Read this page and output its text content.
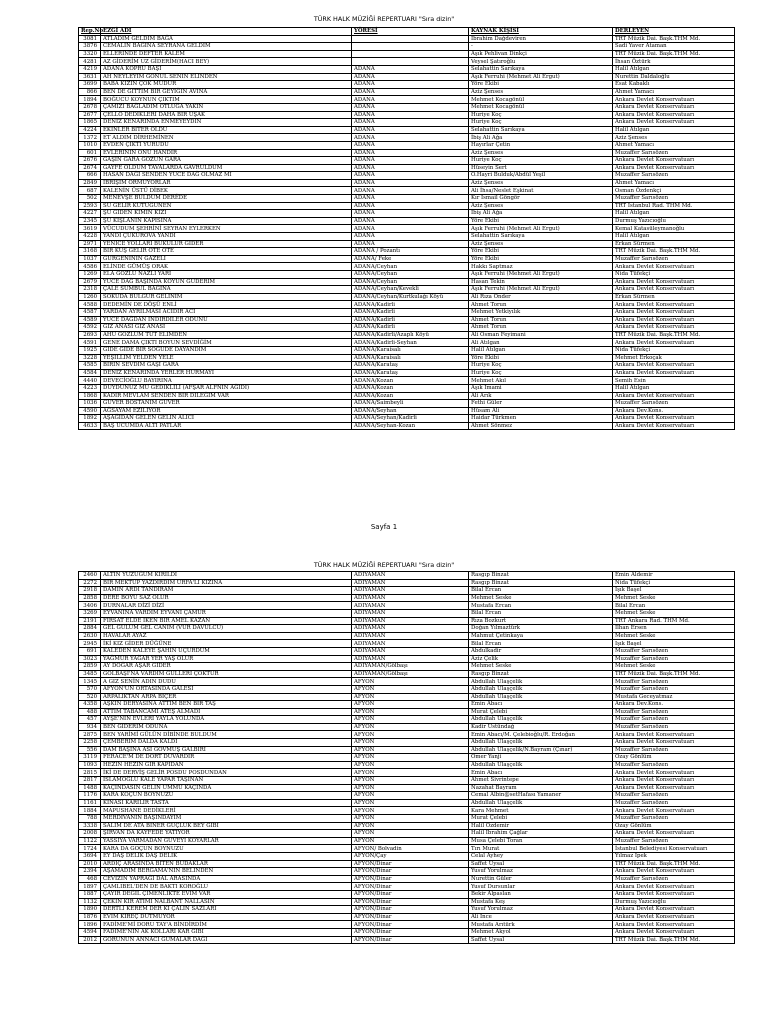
TÜRK HALK MÜZİĞİ REPERTUARI "Sıra dizin"
Rep.No	EZGİ ADI	YÖRESİ	KAYNAK KİŞİSİ	DERLEYEN
3081	ATLADIM GELDİM BAĞA		İbrahim Dağdeviren	TRT Müzik Dai. Başk.THM Md.
3876	CEMALİN BAĞINA SEYRANA GELDİM		-	Sadi Yaver Ataman
3320	ELLERİNDE DEFTER KALEM		Aşık Pehlivan Dinkçi	TRT Müzik Dai. Başk.THM Md.
4281	AZ GİDERİM UZ GİDERİM(HACI BEY)		Veysel Şatıroğlu	İhsan Öztürk
4219	ADANA KÖPRÜ BAŞI	ADANA	Selahattin Sarıkaya	Halil Atılgan
3631	AH NEYLEYİM GÖNÜL SENİN ELİNDEN	ADANA	Aşık Ferruhi (Mehmet Ali Ergut)	Nurettin Daldaloğlu
3699	BABA KIZIN ÇOK MUDUR	ADANA	Yöre Ekibi	Esat Kabaklı
866	BEN DE GİTTİM BİR GEYİĞİN AVINA	ADANA	Aziz Şenses	Ahmet Yamacı
1894	BOĞUCU KOYNUN ÇIKTIM	ADANA	Mehmet Kocagönül	Ankara Devlet Konservatuarı
2678	ÇAMIZI BAĞLADIM OTLUĞA YAKIN	ADANA	Mehmet Kocagönül	Ankara Devlet Konservatuarı
2677	ÇELLO DEDİKLERİ DAHA BİR UŞAK	ADANA	Huriye Koç	Ankara Devlet Konservatuarı
1865	DENİZ KENARINDA ENMEYEYDİN	ADANA	Huriye Koç	Ankara Devlet Konservatuarı
4224	EKİNLER BİTER OLDU	ADANA	Selahattin Sarıkaya	Halil Atılgan
1372	ET ALDIM DİRHEMİNEN	ADANA	İbiş Ali Ağa	Aziz Şenses
1010	EVDEN ÇIKTI YÜRÜDÜ	ADANA	Hayırlar Çetin	Ahmet Yamacı
601	EVLERİNİN ÖNÜ HANDIR	ADANA	Aziz Şenses	Muzaffer Sarısözen
2676	GAŞIN GARA GÖZÜN GARA	ADANA	Huriye Koç	Ankara Devlet Konservatuarı
2674	GAYFE OLDUM TAVALARDA GAVRULDUM	ADANA	Hüseyin Sert	Ankara Devlet Konservatuarı
666	HASAN DAĞI SENDEN YÜCE DAĞ OLMAZ Mİ	ADANA	O.Hayri Bulduk/Abdül Yeşil	Muzaffer Sarısözen
2849	İBRİŞİM ORMUYORLAR	ADANA	Aziz Şenses	Ahmet Yamacı
687	KALENİN ÜSTÜ DİBEK	ADANA	Ali İhsa/Neslet Eşkinat	Osman Özdenkçi
502	MENEVŞE BULDUM DERÊDE	ADANA	Kır İsmail Göngör	Muzaffer Sarısözen
2593	SU GELİR KÜTÜĞÜNEN	ADANA	Aziz Şenses	TRT İstanbul Rad. THM Md.
4227	ŞU GİDEN KİMİN KIZI	ADANA	İbiş Ali Ağa	Halil Atılgan
2345	ŞU KIŞLANIN KAPISINA	ADANA	Yöre Ekibi	Durmuş Yazıcıoğlu
3619	VÜCUDUM ŞEHRİNİ SEYRAN EYLERKEN	ADANA	Aşık Ferruhi (Mehmet Ali Ergut)	Kemal Katasüleymanoğlu
4228	YANDI ÇUKUROVA YANDI	ADANA	Selahattin Sarıkaya	Halil Atılgan
2971	YENİCE YOLLARI BUKULUR GİDER	ADANA	Aziz Şenses	Erkan Sürmen
3168	BİR KUŞ GELİR ÖTE ÖTE	ADANA / Pozantı	Yöre Ekibi	TRT Müzik Dai. Başk.THM Md.
1037	GÜRGENİNİN GAZELİ	ADANA/ Feke	Yöre Ekibi	Muzaffer Sarısözen
4586	ELİNDE GÜMÜŞ ORAK	ADANA/Ceyhan	Hakkı Saptmaz	Ankara Devlet Konservatuarı
1269	ELA GÖZLÜ NAZLI YÂRİ	ADANA/Ceyhan	Aşık Ferruhi (Mehmet Ali Ergut)	Nida Tüfekçi
2679	YÜCE DAĞ BAŞINDA KOYUN GÜDERİM	ADANA/Ceyhan	Hasan Tekin	Ankara Devlet Konservatuarı
2318	ÇALE SÜMBÜL BAĞINA	ADANA/Ceyhan/Kevekli	Aşık Ferruhi (Mehmet Ali Ergut)	Ankara Devlet Konservatuarı
1260	SOKUDA BULGUR GELİNİM	ADANA/Ceyhan/Kurtkulağı Köyü	Ali Rıza Önder	Erkan Sürmen
4588	DEDEMİN DE DÖŞÜ ENLİ	ADANA/Kadirli	Ahmet Torun	Ankara Devlet Konservatuarı
4587	YARDAN AYRILMASI ACIDIR ACI	ADANA/Kadirli	Mehmet Yetkiyılık	Ankara Devlet Konservatuarı
4589	YÜCE DAĞDAN İNDİRDİLER ODUNU	ADANA/Kadirli	Ahmet Torun	Ankara Devlet Konservatuarı
4592	GIZ ANASI GIZ ANASI	ADANA/Kadirli	Ahmet Torun	Ankara Devlet Konservatuarı
2693	AHU GÖZLÜM TUT ELİMDEN	ADANA/Kadirli/Azaplı Köyü	Ali Osman Feyimani	TRT Müzik Dai. Başk.THM Md.
4591	GENE DAMA ÇIKTI BOYUN SEVDİĞİM	ADANA/Kadirli-Seyhan	Ali Atılgan	Ankara Devlet Konservatuarı
1925	GİDE GİDE BİR SOĞUDE DAYANDIM	ADANA/Karaisalı	Halil Atılgan	Nida Tüfekçi
3228	YEŞİLLİM YELDEN YELE	ADANA/Karaisalı	Yöre Ekibi	Mehmet Erkoçak
4585	BİRİN SEVDİM GAŞI GARA	ADANA/Karataş	Huriye Koç	Ankara Devlet Konservatuarı
4584	DENİZ KENARINDA YERLER HURMAYI	ADANA/Karataş	Huriye Koç	Ankara Devlet Konservatuarı
4440	DEVECİOĞLU BAYIRINA	ADANA/Kozan	Mehmet Akıl	Semih Esin
4223	DÜYDÜNÜZ MÜ GEDİKLİLİ (AFŞAR ALFNIN AĞIDI)	ADANA/Kozan	Aşık İmami	Halil Atılgan
1868	KADİR MEVLAM SENDEN BİR DİLEĞİM VAR	ADANA/Kozan	Ali Arık	Ankara Devlet Konservatuarı
1036	GÜVER BOSTANIM GÜVER	ADANA/Saimbeyli	Fethi Güler	Muzaffer Sarısözen
4590	AĞSAYAM EZİLİYOR	ADANA/Seyhan	Hüsam Ali	Ankara Dev.Kons.
1892	AŞAĞIDAN GELEN GELİN ALICI	ADANA/Seyhan/Kadirli	Haidar Türkmen	Ankara Devlet Konservatuarı
4633	BAŞ UCUMDA ALTI PATLAR	ADANA/Seyhan-Kozan	Ahmet Sönmez	Ankara Devlet Konservatuarı
Sayfa 1
TÜRK HALK MÜZİĞİ REPERTUARI "Sıra dizin"
2460	ALTIN YÜZÜĞÜM KIRILDI	ADIYAMAN	Rasgıp Binzat	Emin Aldemir
2272	BİR MEKTUP YAZDIRDIM URFA'LI KIZINA	ADIYAMAN	Rasgıp Binzat	Nida Tüfekçi
2918	DAMIN ARDI TANDIRAM	ADIYAMAN	Bilal Ercan	Işık Başel
2858	DERE BOYU SAZ OLUR	ADIYAMAN	Mehmet Seske	Mehmet Seske
3406	DURNALAR DİZİ DİZİ	ADIYAMAN	Mustafa Ercan	Bilal Ercan
3269	EYVANINA VARDIM EYVANI ÇAMUR	ADIYAMAN	Bilal Ercan	Mehmet Seske
2191	FIRSAT ELDE İKEN BİR AMEL KAZAN	ADIYAMAN	Rıza Bozkurt	TRT Ankara Rad. THM Md.
2884	GEL GÜLÜM GEL CANIM (VUR DAVULCU)	ADIYAMAN	Doğan Yılmaztürk	İlhan Ersen
2630	HAVALAR AYAZ	ADIYAMAN	Mahmut Çetinkaya	Mehmet Seske
2945	İKİ KIZ GİDER DÜĞÜNE	ADIYAMAN	Bilal Ercan	Işık Başel
691	KALEDEN KALEYE ŞAHİN UÇURDUM	ADIYAMAN	Abdulkadir	Muzaffer Sarısözen
3023	YAĞMUR YAĞAR YER YAŞ OLUR	ADIYAMAN	Aziz Çelik	Muzaffer Sarısözen
2859	AY DOĞAR AŞAR GİDER	ADIYAMAN/Gölbaşı	Mehmet Seske	Mehmet Seske
3485	GÖLBAŞI'NA VARDIM GÜLLERİ ÇOKTUR	ADIYAMAN/Gölbaşı	Rasgıp Binzat	TRT Müzik Dai. Başk.THM Md.
1345	A GIZ SENİN ADIN DUDU	AFYON	Abdullah Ulaşçelik	Muzaffer Sarısözen
570	AFYON'UN ORTASINDA GALESİ	AFYON	Abdullah Ulaşçelik	Muzaffer Sarısözen
520	ARPALIKTAN ARPA BİÇER	AFYON	Abdullah Ulaşçelik	Mustafa Geceyatmaz
4358	AŞKIN DERYASINA ATTIM BEN BİR TAŞ	AFYON	Emin Abacı	Ankara Dev.Kons.
488	ATTIM TABANCAMI ATEŞ ALMADI	AFYON	Murat Çelebi	Muzaffer Sarısözen
457	AYŞE'NİN EVLERİ YAYLA YOLUNDA	AFYON	Abdullah Ulaşçelik	Muzaffer Sarısözen
934	BEN GİDERİM ODUNA	AFYON	Kadir Üstündağ	Muzaffer Sarısözen
2875	BEN YARİMİ GÜLÜN DİBİNDE BULDUM	AFYON	Emin Abacı/M. Çelebioğlu/R. Erdoğan	Ankara Devlet Konservatuarı
2258	ÇEMBERİM DALDA KALDI	AFYON	Abdullah Ulaşçelik	Ankara Devlet Konservatuarı
556	DAM BAŞINA ASI GÖVMÜŞ GALBİRİ	AFYON	Abdullah Ulaşçelik/N.Bayram (Çınar)	Muzaffer Sarısözen
3119	FERACE'M DE DÖRT DUVARDIR	AFYON	Ömer Yanji	Özay Gönlüm
1093	HEZİN HEZİN GİR KAPIDAN	AFYON	Abdullah Ulaşçelik	Muzaffer Sarısözen
2815	İKİ DE DERVİŞ GELİR POSDU POSDUNDAN	AFYON	Emin Abacı	Ankara Devlet Konservatuarı
2817	İSLAMOĞLU KALE YAPAR TAŞINAN	AFYON	Ahmet Sivrintepe	Ankara Devlet Konservatuarı
1488	KAÇINDASIN GELİN ÜMMÜ KAÇINDA	AFYON	Nazahat Bayram	Ankara Devlet Konservatuarı
1176	KARA KOÇUN BOYNUZU	AFYON	Cemal Albin@setHafası Yamaner	Muzaffer Sarısözen
1161	KINASI KARILIR TASTA	AFYON	Abdullah Ulaşçelik	Muzaffer Sarısözen
1884	MAPUSHANE DEDİKLERİ	AFYON	Kara Mehmet	Ankara Devlet Konservatuarı
788	MERDİVANIN BAŞINDAYIM	AFYON	Murat Çelebi	Muzaffer Sarısözen
3338	SALIM DE ATA BİNER GÜÇLÜK BEY GİBİ	AFYON	Halil Özdemir	Özay Gönlüm
2008	ŞİRVAN DA KAYFEDE YATIYOR	AFYON	Halil İbrahim Çağlar	Ankara Devlet Konservatuarı
1122	YASSIYA VARMADAN GÜVEYİ KOYARLAR	AFYON	Musa Çelebi Toran	Muzaffer Sarısözen
1724	KARA DA GOÇUN BOYNUZU	AFYON/ Bolvadin	Tırı Murat	İstanbul Belediyesi Konservatuarı
3694	EY DAŞ DELİK DAŞ DELİK	AFYON/Çay	Celal Ayhey	Yılmaz İpek
2010	ARDIÇ ARASINDA BİTEN BUDAKLAR	AFYON/Dinar	Saffet Uysal	TRT Müzik Dai. Başk.THM Md.
2394	AŞAMADIM BERGAMA'NIN BELİNDEN	AFYON/Dinar	Yusuf Yorulmaz	Ankara Devlet Konservatuarı
468	CEVİZIN YAPRAĞI DAL ARASINDA	AFYON/Dinar	Nurettin Güler	Muzaffer Sarısözen
1897	ÇAMLIBEL'DEN DE BAKTI KOROĞLU	AFYON/Dinar	Yusuf Dursunlar	Ankara Devlet Konservatuarı
1887	ÇAYIR DEĞİL ÇİMENLİKTE EVİM VAR	AFYON/Dinar	Bekir Alpaslan	Ankara Devlet Konservatuarı
1132	ÇEKİN KIR ATIMI NALBANT NALLASIN	AFYON/Dinar	Mustafa Keş	Durmuş Yazıcıoğlu
1890	DERTLİ KEREM DER Kİ ÇALIN SAZLARI	AFYON/Dinar	Yusuf Yorulmaz	Ankara Devlet Konservatuarı
1876	EVİM KİREÇ DÜTMÜYOR	AFYON/Dinar	Ali İnce	Ankara Devlet Konservatuarı
1896	FADİME'Mİ DORU TAY'A BİNDİRDİM	AFYON/Dinar	Mustafa Arıtürk	Ankara Devlet Konservatuarı
4594	FADİME'NİN AK KOLLARI KAR GİBİ	AFYON/Dinar	Mehmet Akyol	Ankara Devlet Konservatuarı
2012	GÖRÜNÜN ANNACI GÜMALAR DAĞI	AFYON/Dinar	Saffet Uysal	TRT Müzik Dai. Başk.THM Md.
